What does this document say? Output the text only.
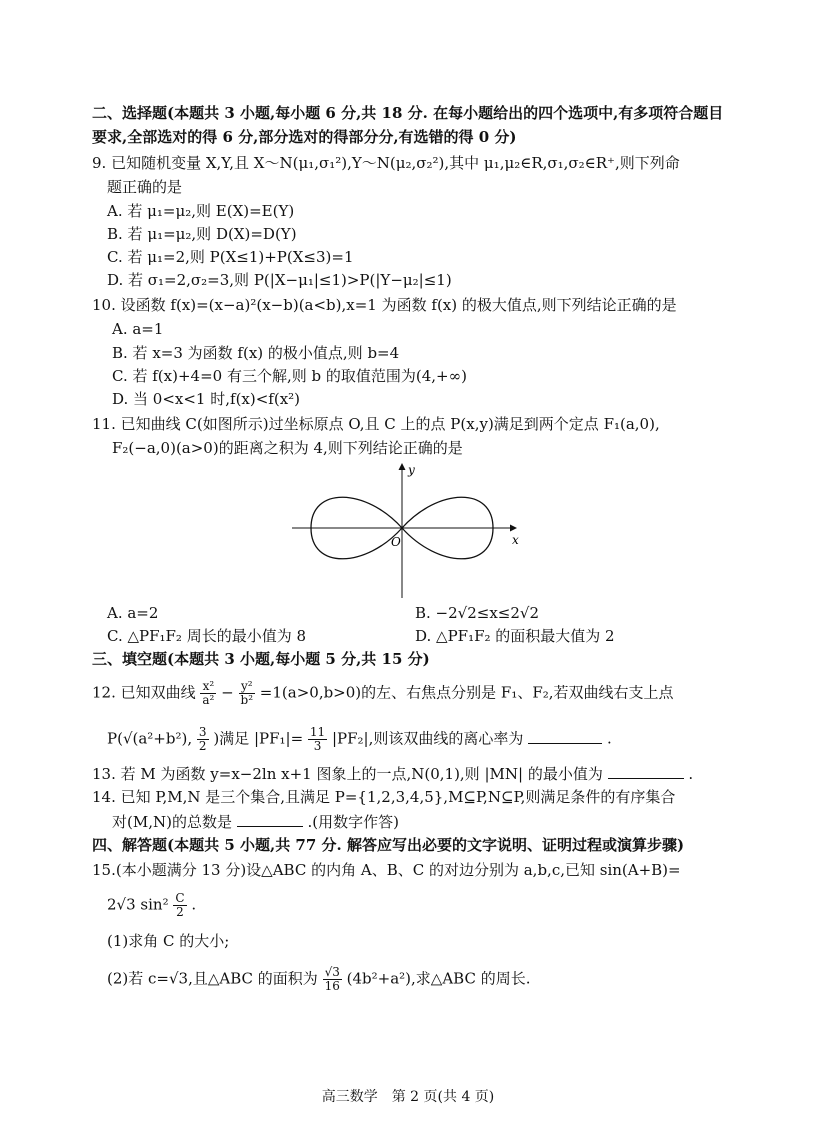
二、选择题(本题共 3 小题,每小题 6 分,共 18 分. 在每小题给出的四个选项中,有多项符合题目
要求,全部选对的得 6 分,部分选对的得部分分,有选错的得 0 分)
9. 已知随机变量 X,Y,且 X～N(μ₁,σ₁²),Y～N(μ₂,σ₂²),其中 μ₁,μ₂∈R,σ₁,σ₂∈R⁺,则下列命
题正确的是
A. 若 μ₁=μ₂,则 E(X)=E(Y)
B. 若 μ₁=μ₂,则 D(X)=D(Y)
C. 若 μ₁=2,则 P(X≤1)+P(X≤3)=1
D. 若 σ₁=2,σ₂=3,则 P(|X−μ₁|≤1)>P(|Y−μ₂|≤1)
10. 设函数 f(x)=(x−a)²(x−b)(a<b),x=1 为函数 f(x) 的极大值点,则下列结论正确的是
A. a=1
B. 若 x=3 为函数 f(x) 的极小值点,则 b=4
C. 若 f(x)+4=0 有三个解,则 b 的取值范围为(4,+∞)
D. 当 0<x<1 时,f(x)<f(x²)
11. 已知曲线 C(如图所示)过坐标原点 O,且 C 上的点 P(x,y)满足到两个定点 F₁(a,0),
F₂(−a,0)(a>0)的距离之积为 4,则下列结论正确的是
y
x
O
A. a=2	B. −2√2≤x≤2√2
C. △PF₁F₂ 周长的最小值为 8	D. △PF₁F₂ 的面积最大值为 2
三、填空题(本题共 3 小题,每小题 5 分,共 15 分)
12. 已知双曲线 $\frac{\text{x²}}{\text{a²}} - \frac{\text{y²}}{\text{b²}} =1(a>0,b>0)$的左、右焦点分别是 F₁、F₂,若双曲线右支上点
P(√(a²+b²), $\frac{3}{2}$ )满足 $|PF_1|= \frac{11}{3} |PF_2|$,则该双曲线的离心率为	.
13. 若 M 为函数 y=x−2ln x+1 图象上的一点,N(0,1),则 |MN| 的最小值为	.
14. 已知 P,M,N 是三个集合,且满足 P={1,2,3,4,5},M⊆P,N⊆P,则满足条件的有序集合
对(M,N)的总数是	.(用数字作答)
四、解答题(本题共 5 小题,共 77 分. 解答应写出必要的文字说明、证明过程或演算步骤)
15.(本小题满分 13 分)设△ABC 的内角 A、B、C 的对边分别为 a,b,c,已知 sin(A+B)=
2√3 $\sin^2 \frac{C}{2}$ .
(1)求角 C 的大小;
(2)若 c=√3,且△ABC 的面积为 $\frac{√3}{16} (4b^2+a^2)$,求△ABC 的周长.
高三数学　第 2 页(共 4 页)
